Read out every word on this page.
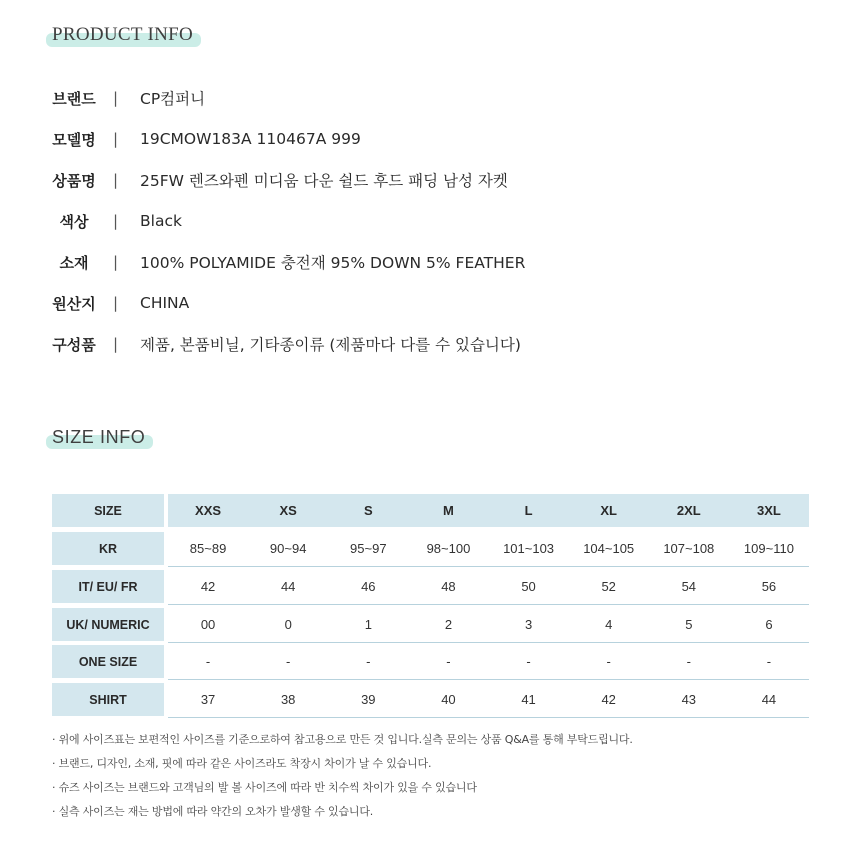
PRODUCT INFO
브랜드 | CP컴퍼니
모델명 | 19CMOW183A 110467A 999
상품명 | 25FW 렌즈와펜 미디움 다운 쉴드 후드 패딩 남성 자켓
색상	| Black
소재	| 100% POLYAMIDE 충전재 95% DOWN 5% FEATHER
원산지 | CHINA
구성품 | 제품, 본품비닐, 기타종이류 (제품마다 다를 수 있습니다)
SIZE INFO
SIZE	XXS	XS	S	M	L	XL	2XL	3XL
KR	85~89	90~94	95~97	98~100	101~103	104~105	107~108	109~110
IT/ EU/ FR	42	44	46	48	50	52	54	56
UK/ NUMERIC	00	0	1	2	3	4	5	6
ONE SIZE	-	-	-	-	-	-	-	-
SHIRT	37	38	39	40	41	42	43	44
· 위에 사이즈표는 보편적인 사이즈를 기준으로하여 참고용으로 만든 것 입니다.실측 문의는 상품 Q&A를 통해 부탁드립니다.
· 브랜드, 디자인, 소재, 핏에 따라 같은 사이즈라도 착장시 차이가 날 수 있습니다.
· 슈즈 사이즈는 브랜드와 고객님의 발 볼 사이즈에 따라 반 치수씩 차이가 있을 수 있습니다
· 실측 사이즈는 재는 방법에 따라 약간의 오차가 발생할 수 있습니다.
